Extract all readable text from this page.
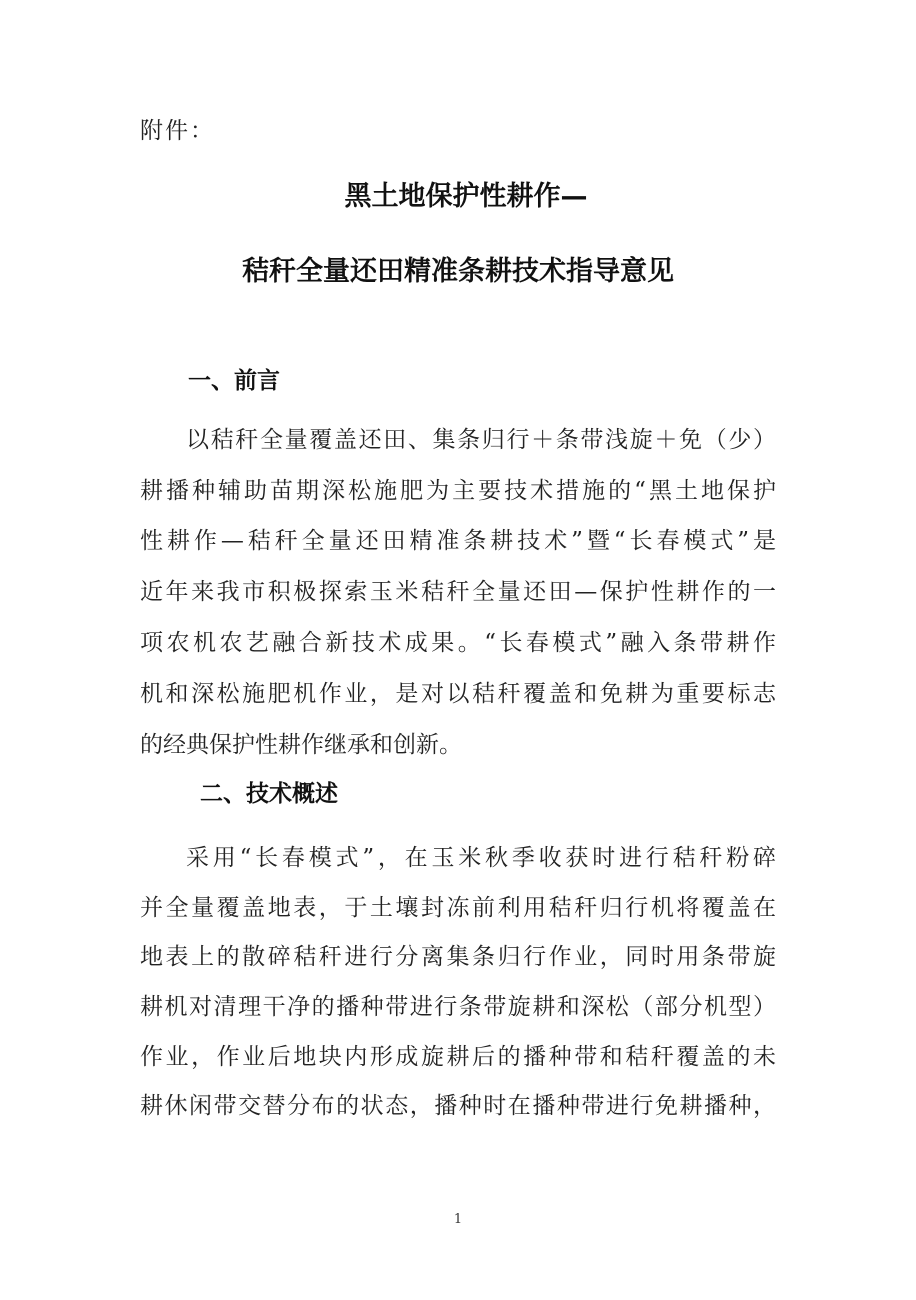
附件：
黑土地保护性耕作—
秸秆全量还田精准条耕技术指导意见
一、前言
以秸秆全量覆盖还田、集条归行＋条带浅旋＋免（少）
耕播种辅助苗期深松施肥为主要技术措施的“黑土地保护
性耕作—秸秆全量还田精准条耕技术”暨“长春模式”是
近年来我市积极探索玉米秸秆全量还田—保护性耕作的一
项农机农艺融合新技术成果。“长春模式”融入条带耕作
机和深松施肥机作业，是对以秸秆覆盖和免耕为重要标志
的经典保护性耕作继承和创新。
二、技术概述
采用“长春模式”，在玉米秋季收获时进行秸秆粉碎
并全量覆盖地表，于土壤封冻前利用秸秆归行机将覆盖在
地表上的散碎秸秆进行分离集条归行作业，同时用条带旋
耕机对清理干净的播种带进行条带旋耕和深松（部分机型）
作业，作业后地块内形成旋耕后的播种带和秸秆覆盖的未
耕休闲带交替分布的状态，播种时在播种带进行免耕播种，
1
